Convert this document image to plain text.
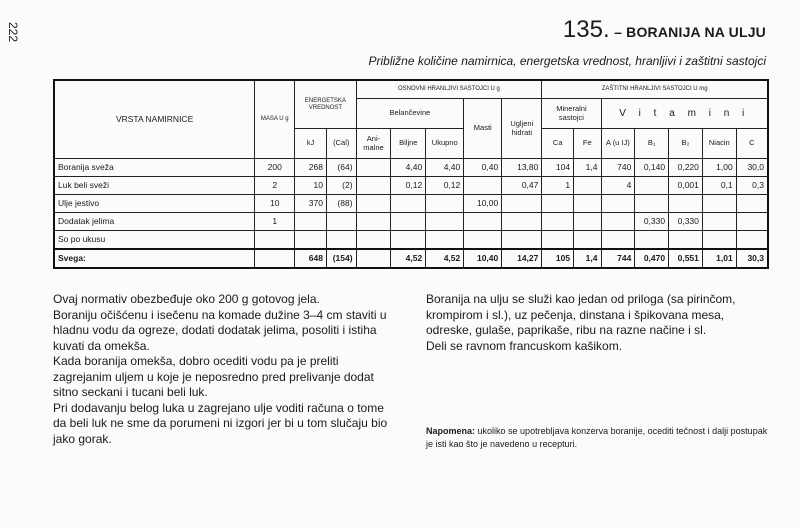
222	135. – BORANIJA NA ULJU
Približne količine namirnica, energetska vrednost, hranljivi i zaštitni sastojci
VRSTA NAMIRNICE	MASA U g	ENERGETSKA VREDNOST		OSNOVNI HRANLJIVI SASTOJCI U g					ZAŠTITNI HRANLJIVI SASTOJCI U mg						
				Belančevine			Masti	Ugljeni hidrati	Mineralni sastojci		V i t a m i n i				
		kJ	(Cal)	Ani-malne	Biljne	Ukupno			Ca	Fe	A (u IJ)	B₁	B₂	Niacin	C
Boranija sveža	200	268	(64)		4,40	4,40	0,40	13,80	104	1,4	740	0,140	0,220	1,00	30,0
Luk beli sveži	2	10	(2)		0,12	0,12		0,47	1		4		0,001	0,1	0,3
Ulje jestivo	10	370	(88)				10,00								
Dodatak jelima	1											0,330	0,330		
So po ukusu															
Svega:		648	(154)		4,52	4,52	10,40	14,27	105	1,4	744	0,470	0,551	1,01	30,3

Ovaj normativ obezbeđuje oko 200 g gotovog jela.

Boraniju očišćenu i isečenu na komade dužine 3–4 cm staviti u hladnu vodu da ogreze, dodati dodatak jelima, posoliti i istiha kuvati da omekša.

Kada boranija omekša, dobro oceditі vodu pa je preliti zagrejanim uljem u koje je neposredno pred prelivanje dodat sitno seckani i tucani beli luk.

Pri dodavanju belog luka u zagrejano ulje voditi računa o tome da beli luk ne sme da porumeni ni izgori jer bi u tom slučaju bio jako gorak.

Boranija na ulju se služi kao jedan od priloga (sa pirinčom, krompirom i sl.), uz pečenja, dinstana i špikovana mesa, odreske, gulaše, paprikaše, ribu na razne načine i sl.

Deli se ravnom francuskom kašikom.

Napomena: ukoliko se upotrebljava konzerva boranije, oceditі tečnost i dalji postupak je isti kao što je navedeno u recepturi.
